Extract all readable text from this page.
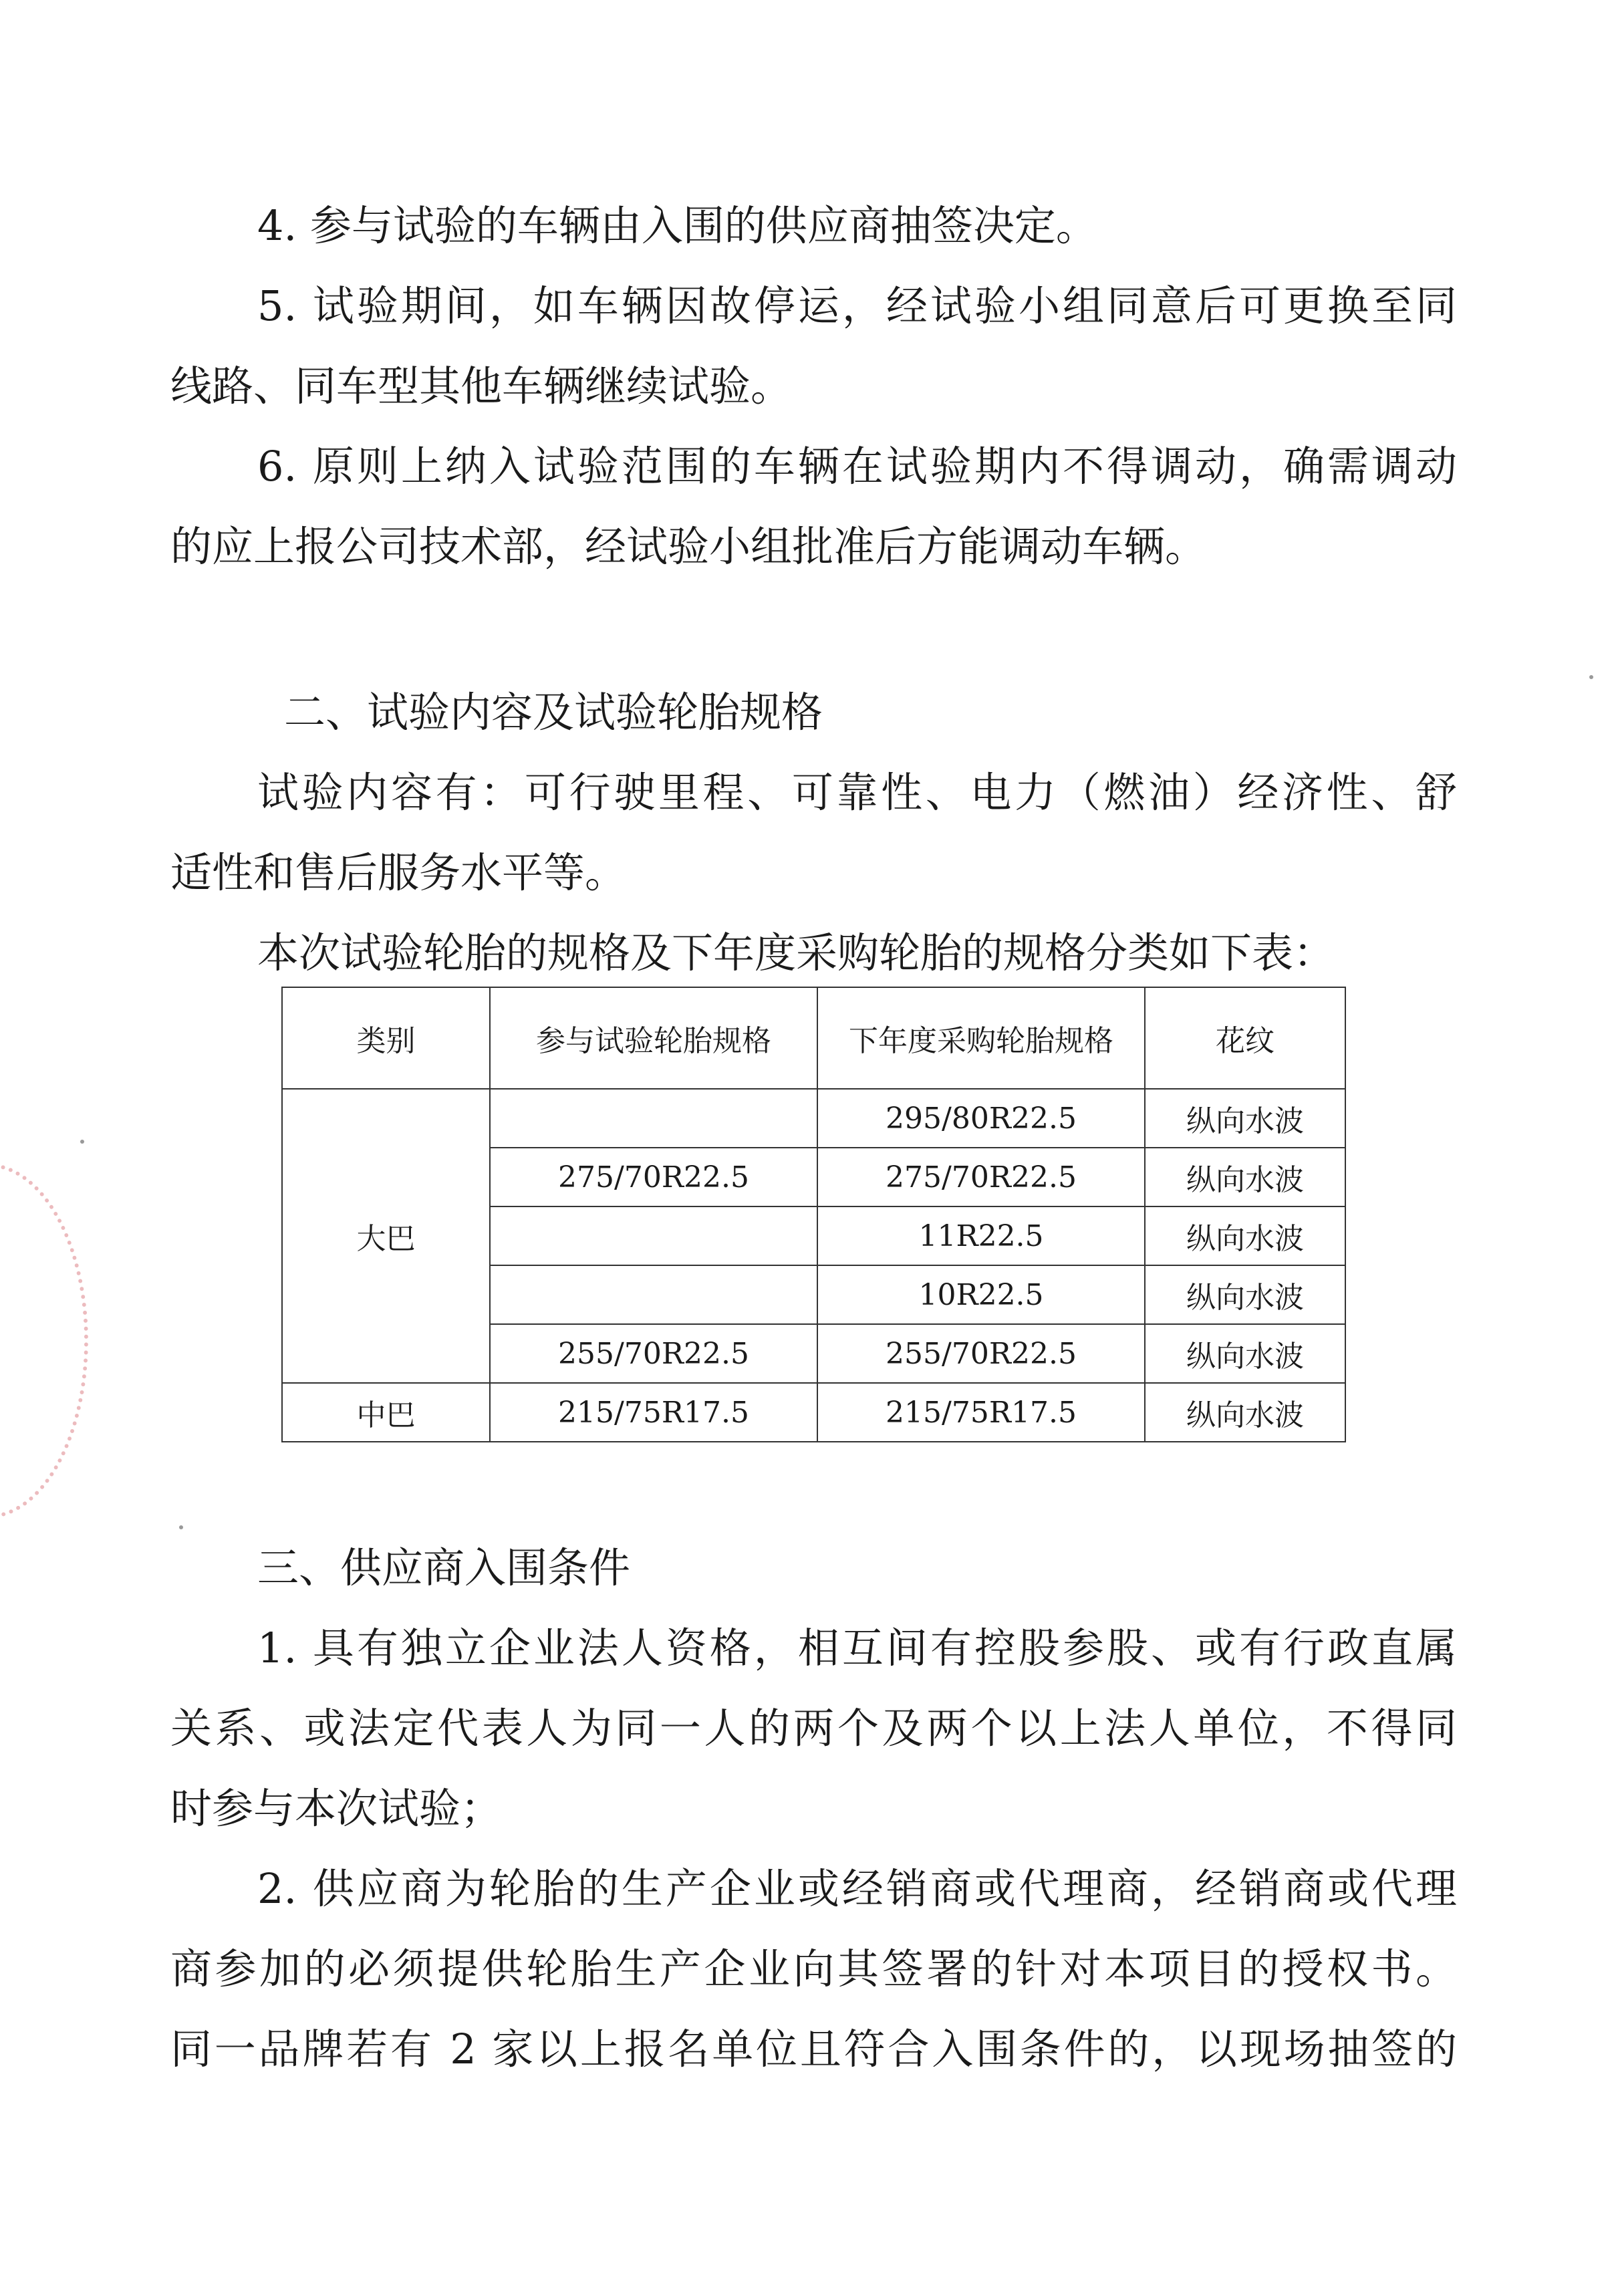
4. 参与试验的车辆由入围的供应商抽签决定。

5. 试验期间，如车辆因故停运，经试验小组同意后可更换至同

线路、同车型其他车辆继续试验。

6. 原则上纳入试验范围的车辆在试验期内不得调动，确需调动

的应上报公司技术部，经试验小组批准后方能调动车辆。

二、试验内容及试验轮胎规格

试验内容有：可行驶里程、可靠性、电力（燃油）经济性、舒

适性和售后服务水平等。

本次试验轮胎的规格及下年度采购轮胎的规格分类如下表：

类别	参与试验轮胎规格	下年度采购轮胎规格	花纹
大巴		295/80R22.5	纵向水波
	275/70R22.5	275/70R22.5	纵向水波
		11R22.5	纵向水波
		10R22.5	纵向水波
	255/70R22.5	255/70R22.5	纵向水波
中巴	215/75R17.5	215/75R17.5	纵向水波

三、供应商入围条件

1. 具有独立企业法人资格，相互间有控股参股、或有行政直属

关系、或法定代表人为同一人的两个及两个以上法人单位，不得同

时参与本次试验；

2. 供应商为轮胎的生产企业或经销商或代理商，经销商或代理

商参加的必须提供轮胎生产企业向其签署的针对本项目的授权书。

同一品牌若有 2 家以上报名单位且符合入围条件的，以现场抽签的
